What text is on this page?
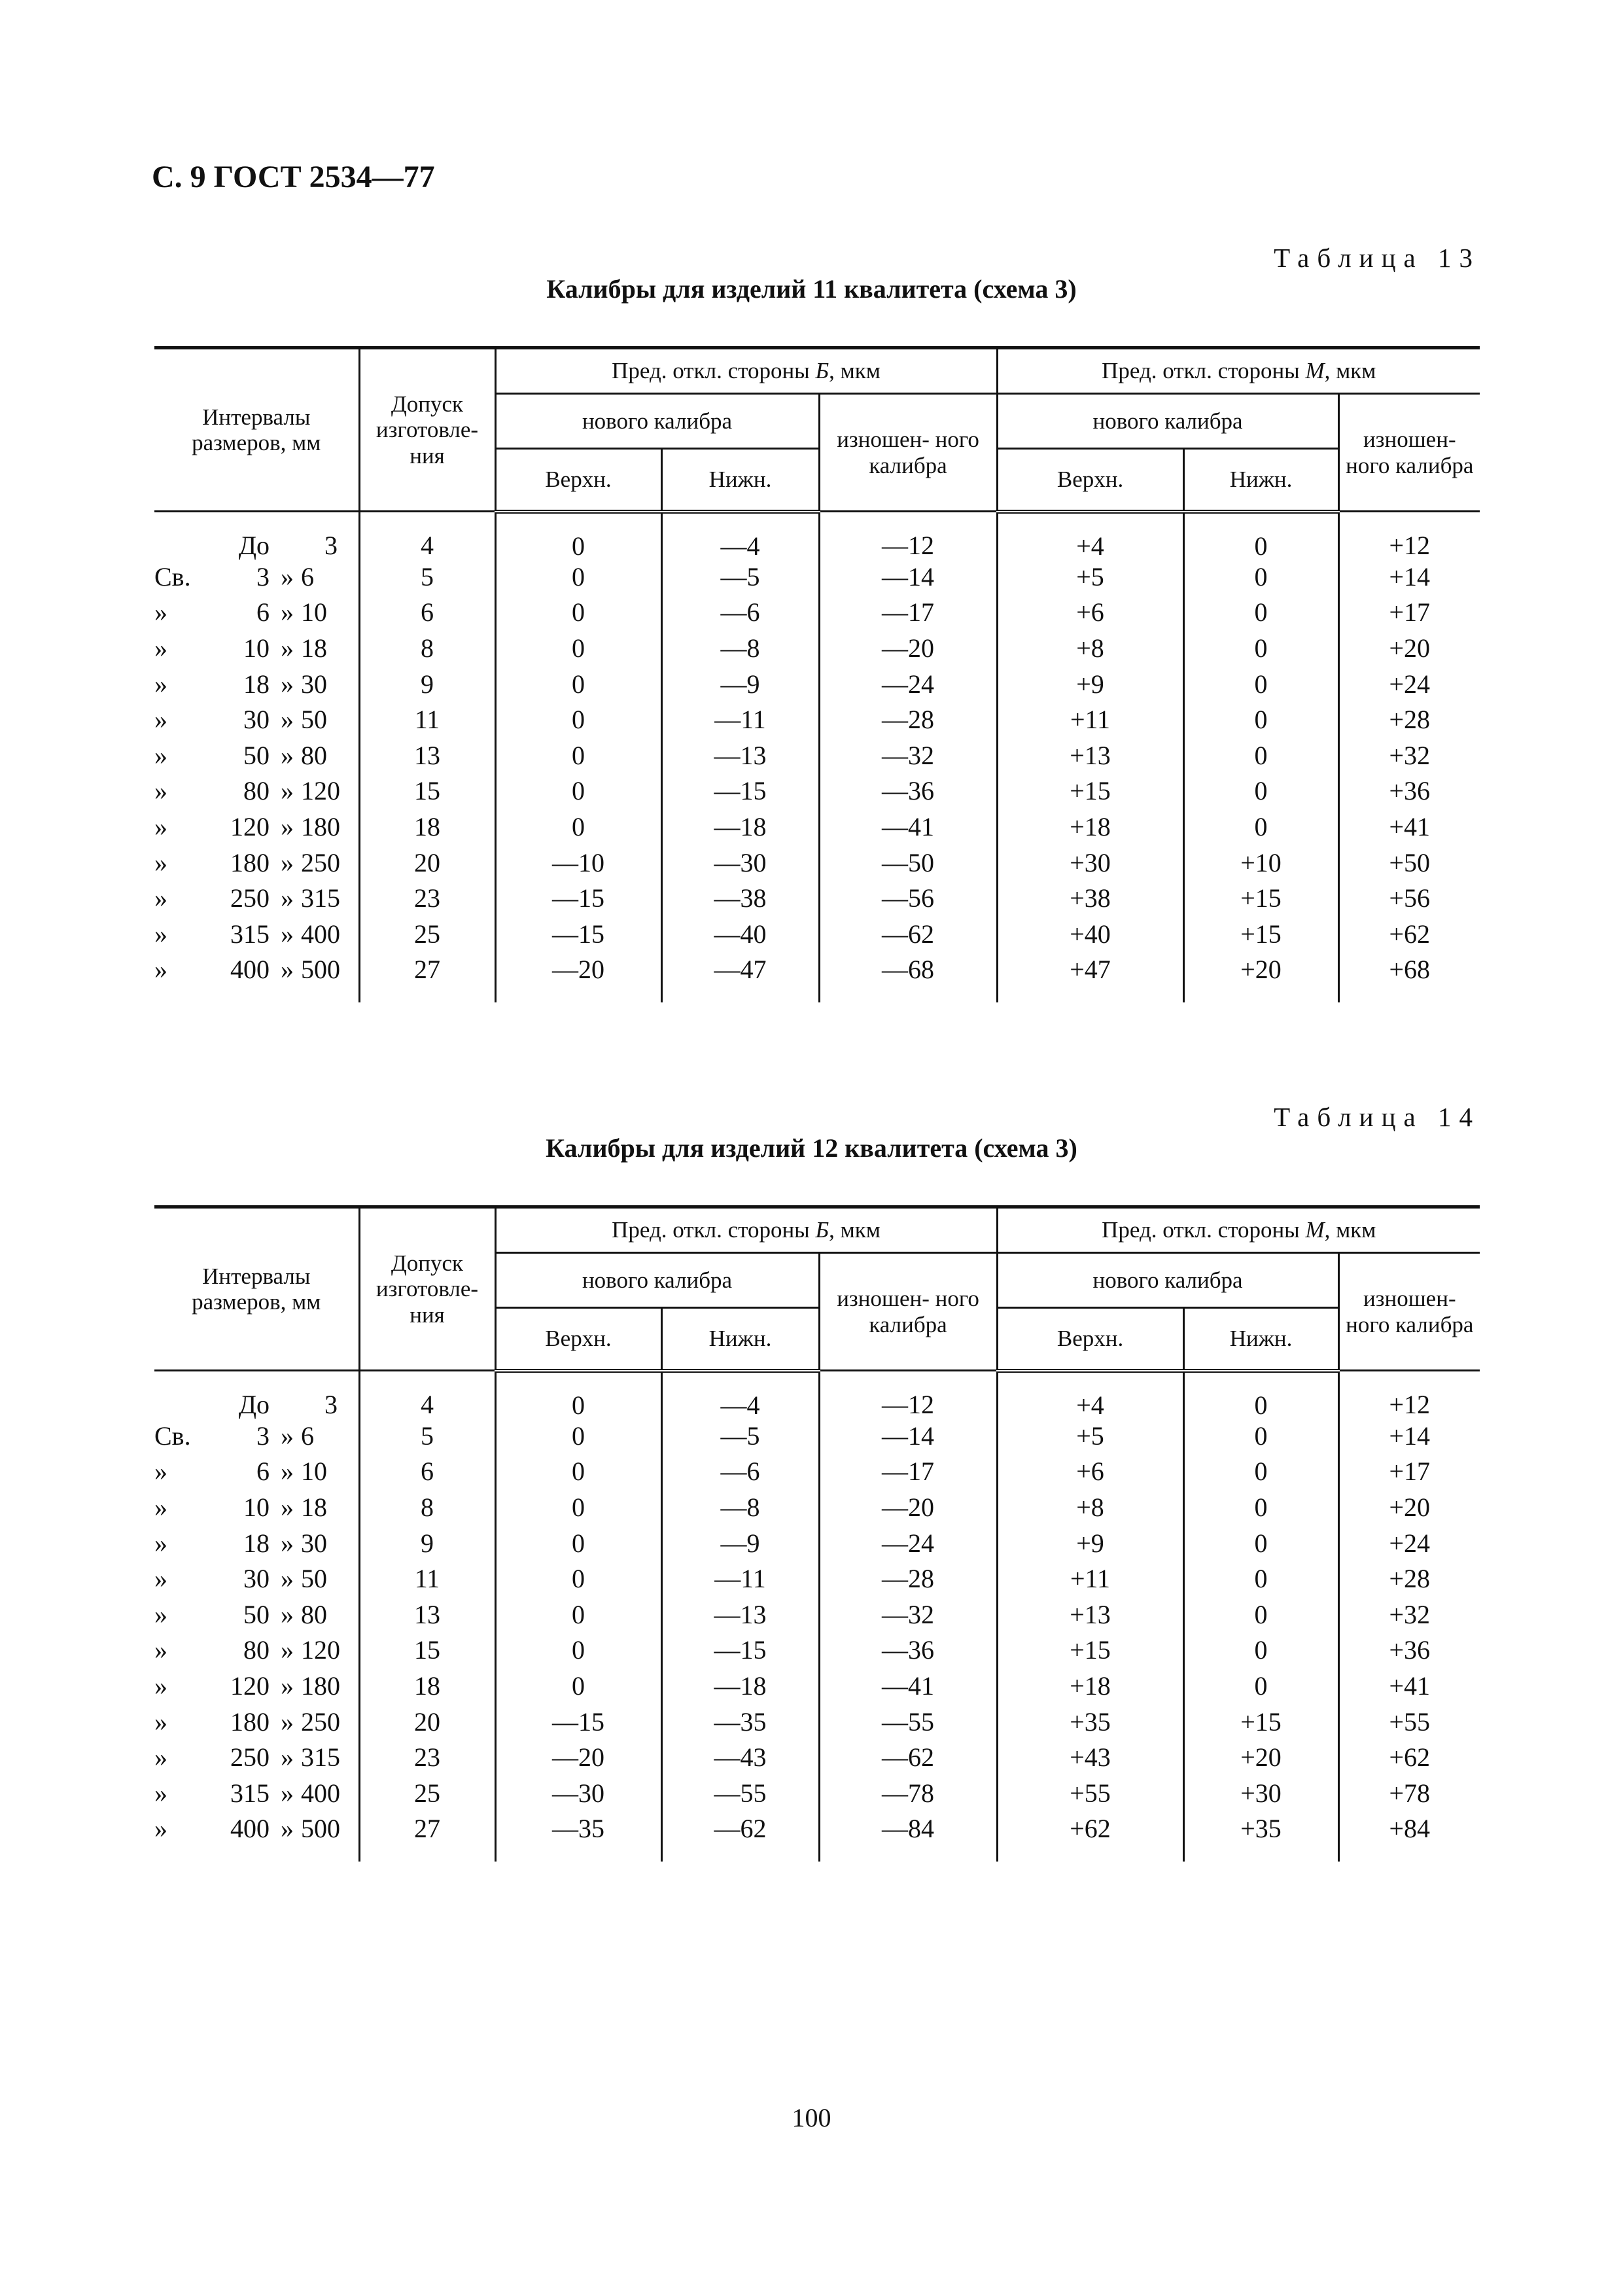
С. 9 ГОСТ 2534—77
Таблица 13
Калибры для изделий 11 квалитета (схема 3)
Интервалы размеров, мм	Допуск изготовле- ния	Пред. откл. стороны Б, мкм			Пред. откл. стороны М, мкм		
		нового калибра		изношен- ного калибра	нового калибра		изношен- ного калибра
		Верхн.	Нижн.		Верхн.	Нижн.	

До 3	4	0	—4	—12	+4	0	+12

Св. 3 » 6	5	0	—5	—14	+5	0	+14

» 6 » 10	6	0	—6	—17	+6	0	+17

» 10 » 18	8	0	—8	—20	+8	0	+20

» 18 » 30	9	0	—9	—24	+9	0	+24

» 30 » 50	11	0	—11	—28	+11	0	+28

» 50 » 80	13	0	—13	—32	+13	0	+32

» 80 » 120	15	0	—15	—36	+15	0	+36

» 120 » 180	18	0	—18	—41	+18	0	+41

» 180 » 250	20	—10	—30	—50	+30	+10	+50

» 250 » 315	23	—15	—38	—56	+38	+15	+56

» 315 » 400	25	—15	—40	—62	+40	+15	+62

» 400 » 500	27	—20	—47	—68	+47	+20	+68
Таблица 14
Калибры для изделий 12 квалитета (схема 3)
Интервалы размеров, мм	Допуск изготовле- ния	Пред. откл. стороны Б, мкм			Пред. откл. стороны М, мкм		
		нового калибра		изношен- ного калибра	нового калибра		изношен- ного калибра
		Верхн.	Нижн.		Верхн.	Нижн.	

До 3	4	0	—4	—12	+4	0	+12

Св. 3 » 6	5	0	—5	—14	+5	0	+14

» 6 » 10	6	0	—6	—17	+6	0	+17

» 10 » 18	8	0	—8	—20	+8	0	+20

» 18 » 30	9	0	—9	—24	+9	0	+24

» 30 » 50	11	0	—11	—28	+11	0	+28

» 50 » 80	13	0	—13	—32	+13	0	+32

» 80 » 120	15	0	—15	—36	+15	0	+36

» 120 » 180	18	0	—18	—41	+18	0	+41

» 180 » 250	20	—15	—35	—55	+35	+15	+55

» 250 » 315	23	—20	—43	—62	+43	+20	+62

» 315 » 400	25	—30	—55	—78	+55	+30	+78

» 400 » 500	27	—35	—62	—84	+62	+35	+84
100
